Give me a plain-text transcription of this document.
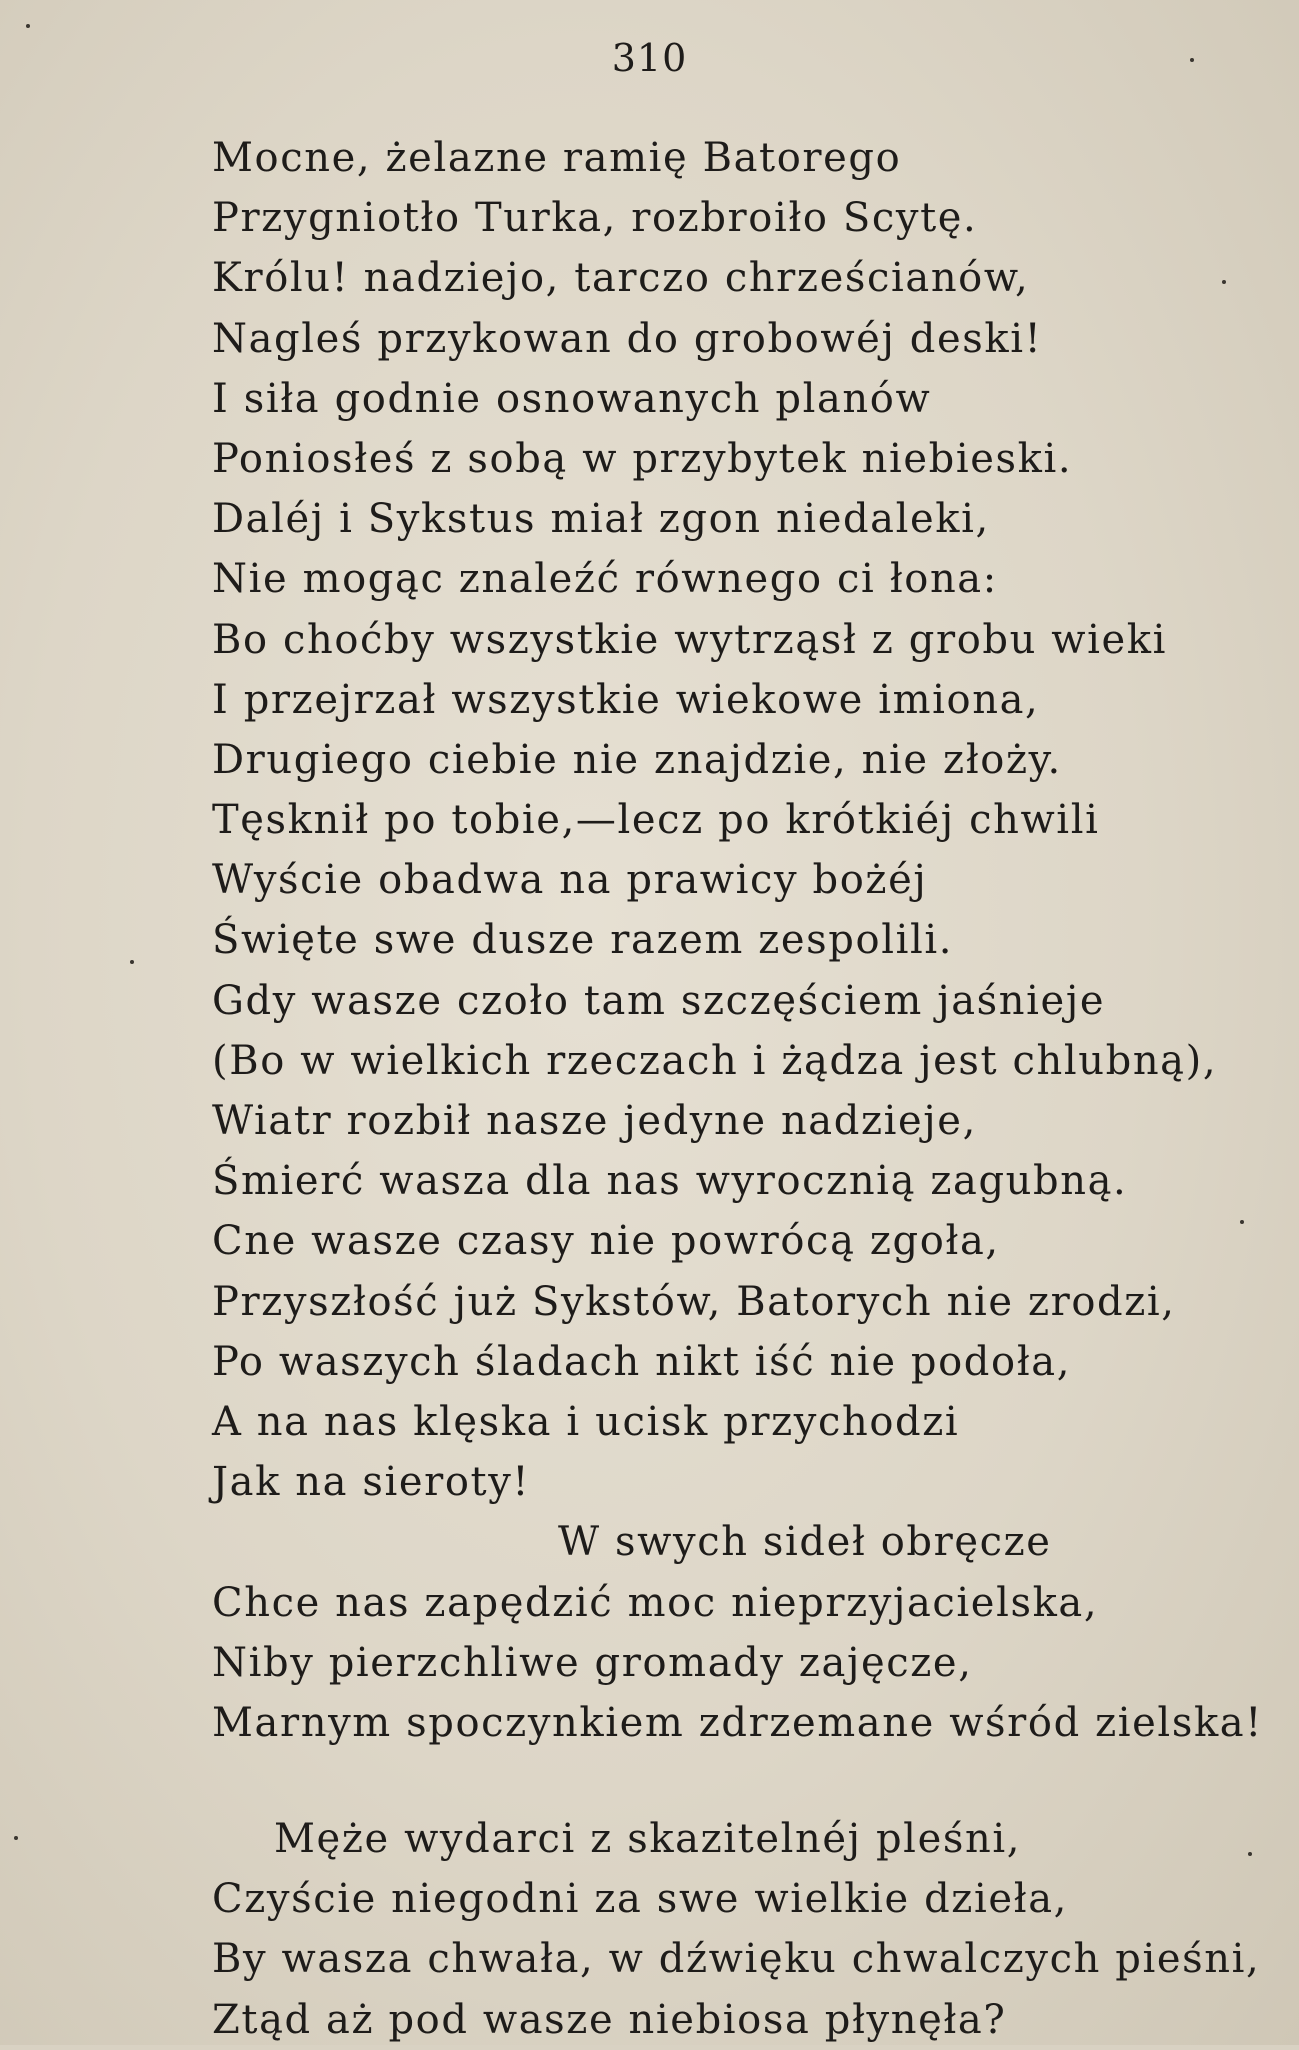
310
Mocne, żelazne ramię Batorego
Przygniotło Turka, rozbroiło Scytę.
Królu! nadziejo, tarczo chrześcianów,
Nagleś przykowan do grobowéj deski!
I siła godnie osnowanych planów
Poniosłeś z sobą w przybytek niebieski.
Daléj i Sykstus miał zgon niedaleki,
Nie mogąc znaleźć równego ci łona:
Bo choćby wszystkie wytrząsł z grobu wieki
I przejrzał wszystkie wiekowe imiona,
Drugiego ciebie nie znajdzie, nie złoży.
Tęsknił po tobie,—lecz po krótkiéj chwili
Wyście obadwa na prawicy bożéj
Święte swe dusze razem zespolili.
Gdy wasze czoło tam szczęściem jaśnieje
(Bo w wielkich rzeczach i żądza jest chlubną),
Wiatr rozbił nasze jedyne nadzieje,
Śmierć wasza dla nas wyrocznią zagubną.
Cne wasze czasy nie powrócą zgoła,
Przyszłość już Sykstów, Batorych nie zrodzi,
Po waszych śladach nikt iść nie podoła,
A na nas klęska i ucisk przychodzi
Jak na sieroty!
W swych sideł obręcze
Chce nas zapędzić moc nieprzyjacielska,
Niby pierzchliwe gromady zajęcze,
Marnym spoczynkiem zdrzemane wśród zielska!
Męże wydarci z skazitelnéj pleśni,
Czyście niegodni za swe wielkie dzieła,
By wasza chwała, w dźwięku chwalczych pieśni,
Ztąd aż pod wasze niebiosa płynęła?
